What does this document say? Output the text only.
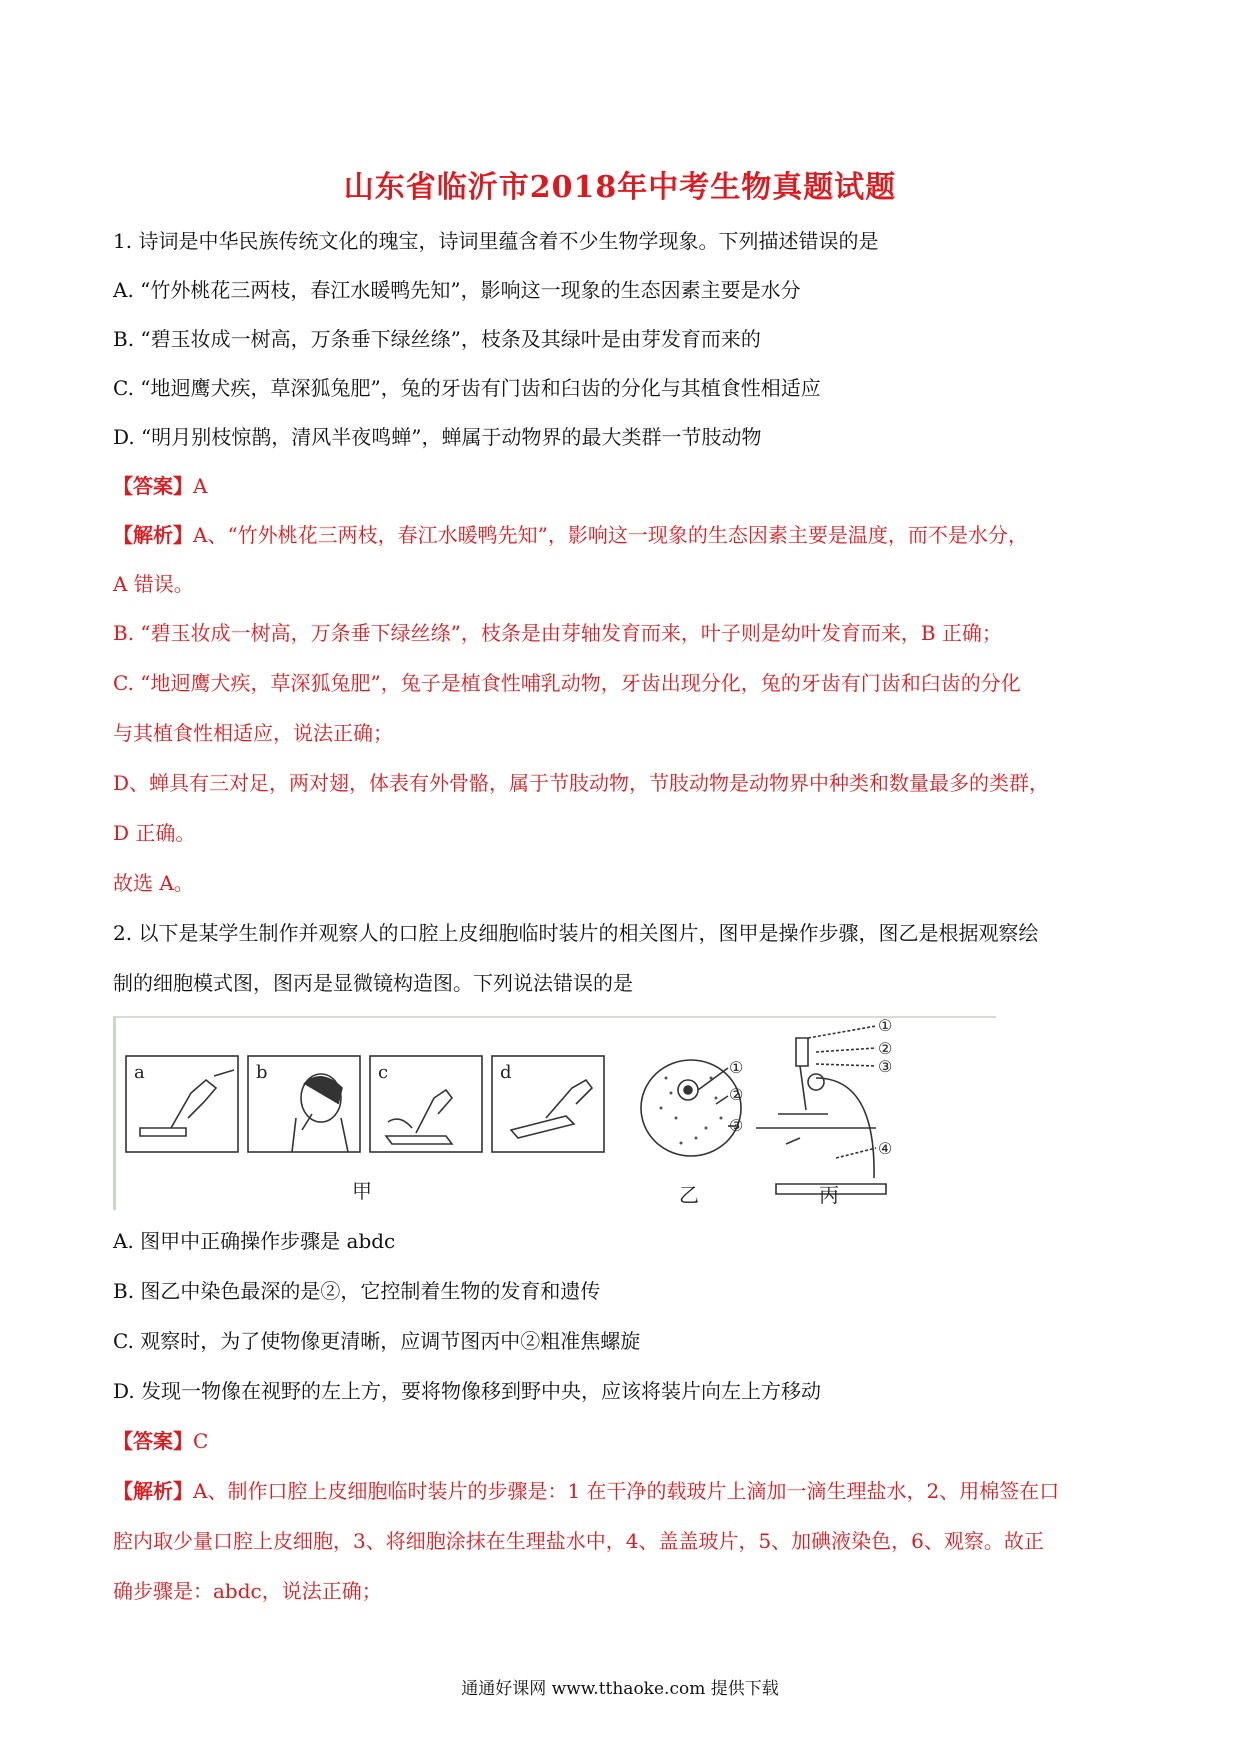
山东省临沂市2018年中考生物真题试题
1. 诗词是中华民族传统文化的瑰宝，诗词里蕴含着不少生物学现象。下列描述错误的是
A. “竹外桃花三两枝，春江水暖鸭先知”，影响这一现象的生态因素主要是水分
B. “碧玉妆成一树高，万条垂下绿丝绦”，枝条及其绿叶是由芽发育而来的
C. “地迥鹰犬疾，草深狐兔肥”，兔的牙齿有门齿和臼齿的分化与其植食性相适应
D. “明月别枝惊鹊，清风半夜鸣蝉”，蝉属于动物界的最大类群一节肢动物
【答案】A
【解析】A、“竹外桃花三两枝，春江水暖鸭先知”，影响这一现象的生态因素主要是温度，而不是水分，
A 错误。
B. “碧玉妆成一树高，万条垂下绿丝绦”，枝条是由芽轴发育而来，叶子则是幼叶发育而来，B 正确；
C. “地迥鹰犬疾，草深狐兔肥”，兔子是植食性哺乳动物，牙齿出现分化，兔的牙齿有门齿和臼齿的分化
与其植食性相适应，说法正确；
D、蝉具有三对足，两对翅，体表有外骨骼，属于节肢动物，节肢动物是动物界中种类和数量最多的类群，
D 正确。
故选 A。
2. 以下是某学生制作并观察人的口腔上皮细胞临时装片的相关图片，图甲是操作步骤，图乙是根据观察绘
制的细胞模式图，图丙是显微镜构造图。下列说法错误的是
a	b	c	d	①
②
③
①
②
③
④
甲	乙	丙
A. 图甲中正确操作步骤是 abdc
B. 图乙中染色最深的是②，它控制着生物的发育和遗传
C. 观察时，为了使物像更清晰，应调节图丙中②粗准焦螺旋
D. 发现一物像在视野的左上方，要将物像移到野中央，应该将装片向左上方移动
【答案】C
【解析】A、制作口腔上皮细胞临时装片的步骤是：1 在干净的载玻片上滴加一滴生理盐水，2、用棉签在口
腔内取少量口腔上皮细胞，3、将细胞涂抹在生理盐水中，4、盖盖玻片，5、加碘液染色，6、观察。故正
确步骤是：abdc，说法正确；
通通好课网 www.tthaoke.com 提供下载
